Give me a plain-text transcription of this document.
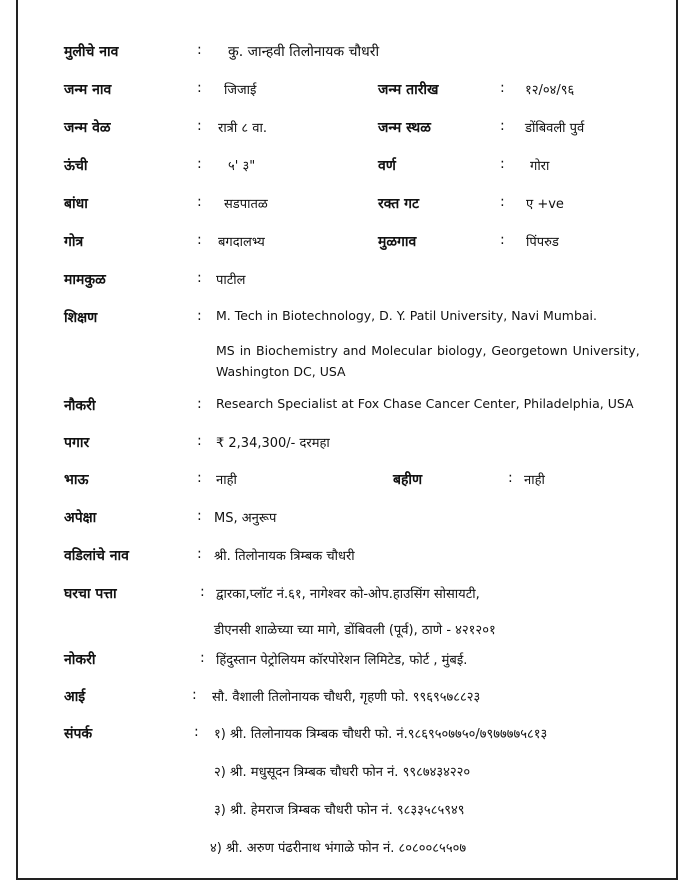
मुलीचे नाव	: कु. जान्हवी तिलोनायक चौधरी
जन्म नाव	: जिजाई	जन्म तारीख	: १२/०४/९६
जन्म वेळ	: रात्री ८ वा.	जन्म स्थळ	: डोंबिवली पुर्व
ऊंची	: ५' ३"	वर्ण	: गोरा
बांधा	: सडपातळ	रक्त गट	: ए +ve
गोत्र	: बगदालभ्य	मुळगाव	: पिंपरुड
मामकुळ	: पाटील
शिक्षण	: M. Tech in Biotechnology, D. Y. Patil University, Navi Mumbai.
MS in Biochemistry and Molecular biology, Georgetown University,
Washington DC, USA
नौकरी	: Research Specialist at Fox Chase Cancer Center, Philadelphia, USA
पगार	: ₹ 2,34,300/- दरमहा
भाऊ	: नाही	बहीण	: नाही
अपेक्षा	: MS, अनुरूप
वडिलांचे नाव	: श्री. तिलोनायक त्रिम्बक चौधरी
घरचा पत्ता	: द्वारका,प्लॉट नं.६१, नागेश्वर को-ओप.हाउसिंग सोसायटी,
डीएनसी शाळेच्या च्या मागे, डोंबिवली (पूर्व), ठाणे - ४२१२०१
नोकरी	: हिंदुस्तान पेट्रोलियम कॉरपोरेशन लिमिटेड, फोर्ट , मुंबई.
आई	: सौ. वैशाली तिलोनायक चौधरी, गृहणी फो. ९९६९५७८८२३
संपर्क	: १) श्री. तिलोनायक त्रिम्बक चौधरी फो. नं.९८६९५०७७५०/७९७७७७५८१३
२) श्री. मधुसूदन त्रिम्बक चौधरी फोन नं. ९९८७४३४२२०
३) श्री. हेमराज त्रिम्बक चौधरी फोन नं. ९८३३५८५९४९
४) श्री. अरुण पंढरीनाथ भंगाळे फोन नं. ८०८००८५५०७
